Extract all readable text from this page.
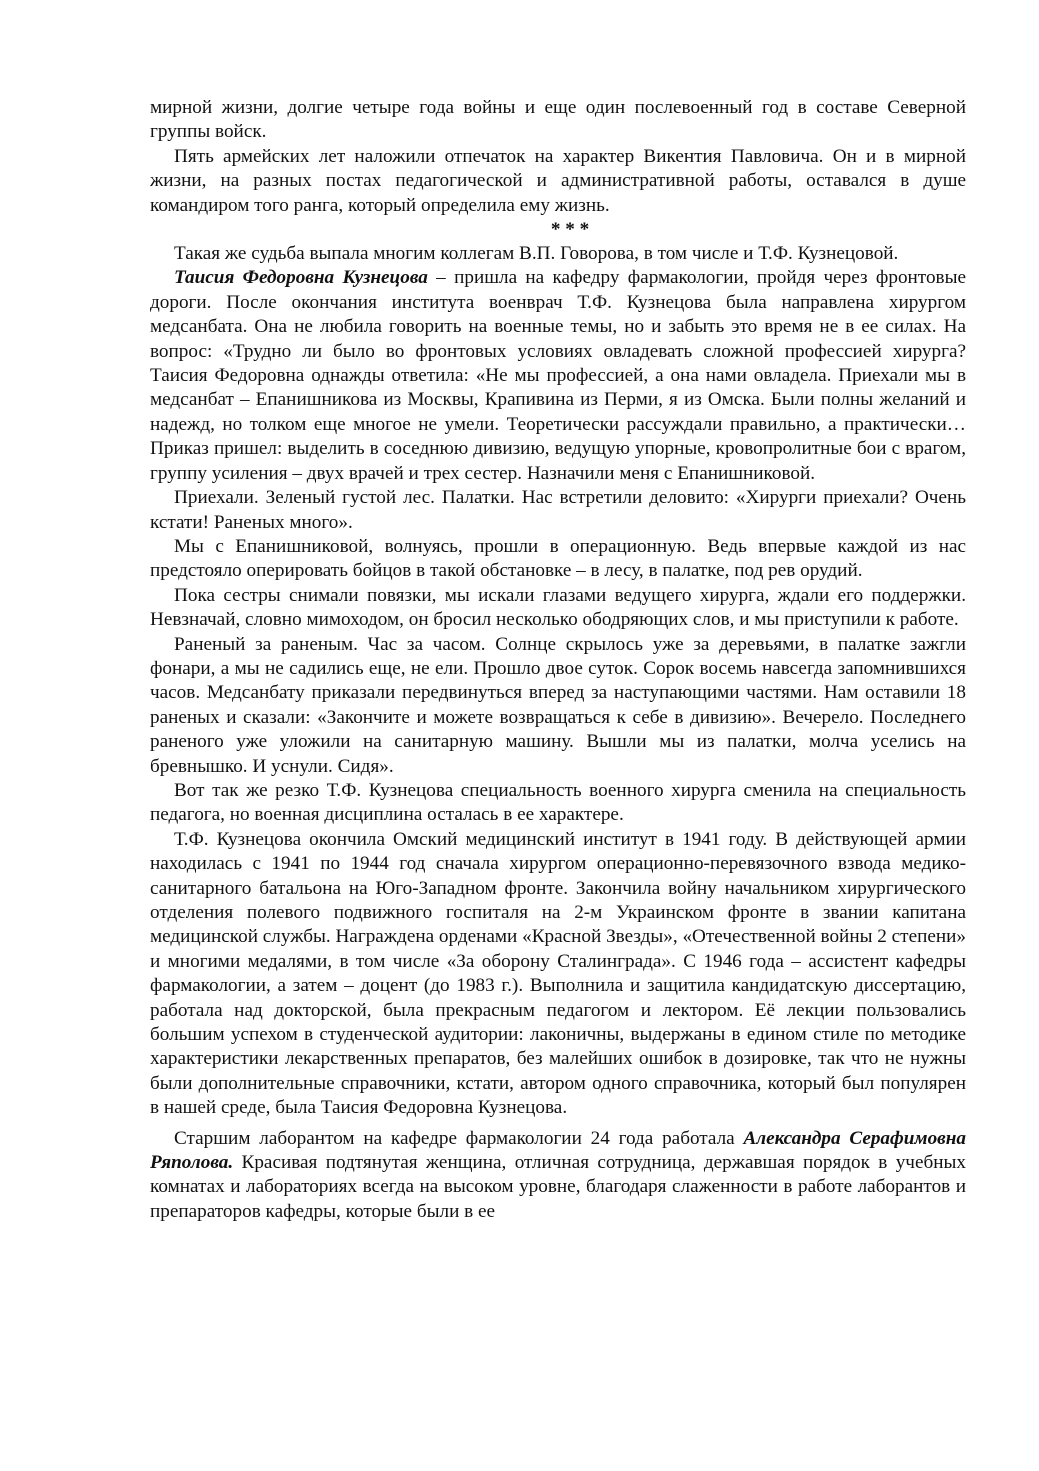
мирной жизни, долгие четыре года войны и еще один послевоенный год в составе Северной группы войск.

Пять армейских лет наложили отпечаток на характер Викентия Павловича. Он и в мирной жизни, на разных постах педагогической и административной работы, оставался в душе командиром того ранга, который определила ему жизнь.

* * *

Такая же судьба выпала многим коллегам В.П. Говорова, в том числе и Т.Ф. Кузнецовой.

Таисия Федоровна Кузнецова – пришла на кафедру фармакологии, пройдя через фронтовые дороги. После окончания института военврач Т.Ф. Кузнецова была направлена хирургом медсанбата. Она не любила говорить на военные темы, но и забыть это время не в ее силах. На вопрос: «Трудно ли было во фронтовых условиях овладевать сложной профессией хирурга? Таисия Федоровна однажды ответила: «Не мы профессией, а она нами овладела. Приехали мы в медсанбат – Епанишникова из Москвы, Крапивина из Перми, я из Омска. Были полны желаний и надежд, но толком еще многое не умели. Теоретически рассуждали правильно, а практически… Приказ пришел: выделить в соседнюю дивизию, ведущую упорные, кровопролитные бои с врагом, группу усиления – двух врачей и трех сестер. Назначили меня с Епанишниковой.

Приехали. Зеленый густой лес. Палатки. Нас встретили деловито: «Хирурги приехали? Очень кстати! Раненых много».

Мы с Епанишниковой, волнуясь, прошли в операционную. Ведь впервые каждой из нас предстояло оперировать бойцов в такой обстановке – в лесу, в палатке, под рев орудий.

Пока сестры снимали повязки, мы искали глазами ведущего хирурга, ждали его поддержки. Невзначай, словно мимоходом, он бросил несколько ободряющих слов, и мы приступили к работе.

Раненый за раненым. Час за часом. Солнце скрылось уже за деревьями, в палатке зажгли фонари, а мы не садились еще, не ели. Прошло двое суток. Сорок восемь навсегда запомнившихся часов. Медсанбату приказали передвинуться вперед за наступающими частями. Нам оставили 18 раненых и сказали: «Закончите и можете возвращаться к себе в дивизию». Вечерело. Последнего раненого уже уложили на санитарную машину. Вышли мы из палатки, молча уселись на бревнышко. И уснули. Сидя».

Вот так же резко Т.Ф. Кузнецова специальность военного хирурга сменила на специальность педагога, но военная дисциплина осталась в ее характере.

Т.Ф. Кузнецова окончила Омский медицинский институт в 1941 году. В действующей армии находилась с 1941 по 1944 год сначала хирургом операционно-перевязочного взвода медико-санитарного батальона на Юго-Западном фронте. Закончила войну начальником хирургического отделения полевого подвижного госпиталя на 2-м Украинском фронте в звании капитана медицинской службы. Награждена орденами «Красной Звезды», «Отечественной войны 2 степени» и многими медалями, в том числе «За оборону Сталинграда». С 1946 года – ассистент кафедры фармакологии, а затем – доцент (до 1983 г.). Выполнила и защитила кандидатскую диссертацию, работала над докторской, была прекрасным педагогом и лектором. Её лекции пользовались большим успехом в студенческой аудитории: лаконичны, выдержаны в едином стиле по методике характеристики лекарственных препаратов, без малейших ошибок в дозировке, так что не нужны были дополнительные справочники, кстати, автором одного справочника, который был популярен в нашей среде, была Таисия Федоровна Кузнецова.

Старшим лаборантом на кафедре фармакологии 24 года работала Александра Серафимовна Ряполова. Красивая подтянутая женщина, отличная сотрудница, державшая порядок в учебных комнатах и лабораториях всегда на высоком уровне, благодаря слаженности в работе лаборантов и препараторов кафедры, которые были в ее
